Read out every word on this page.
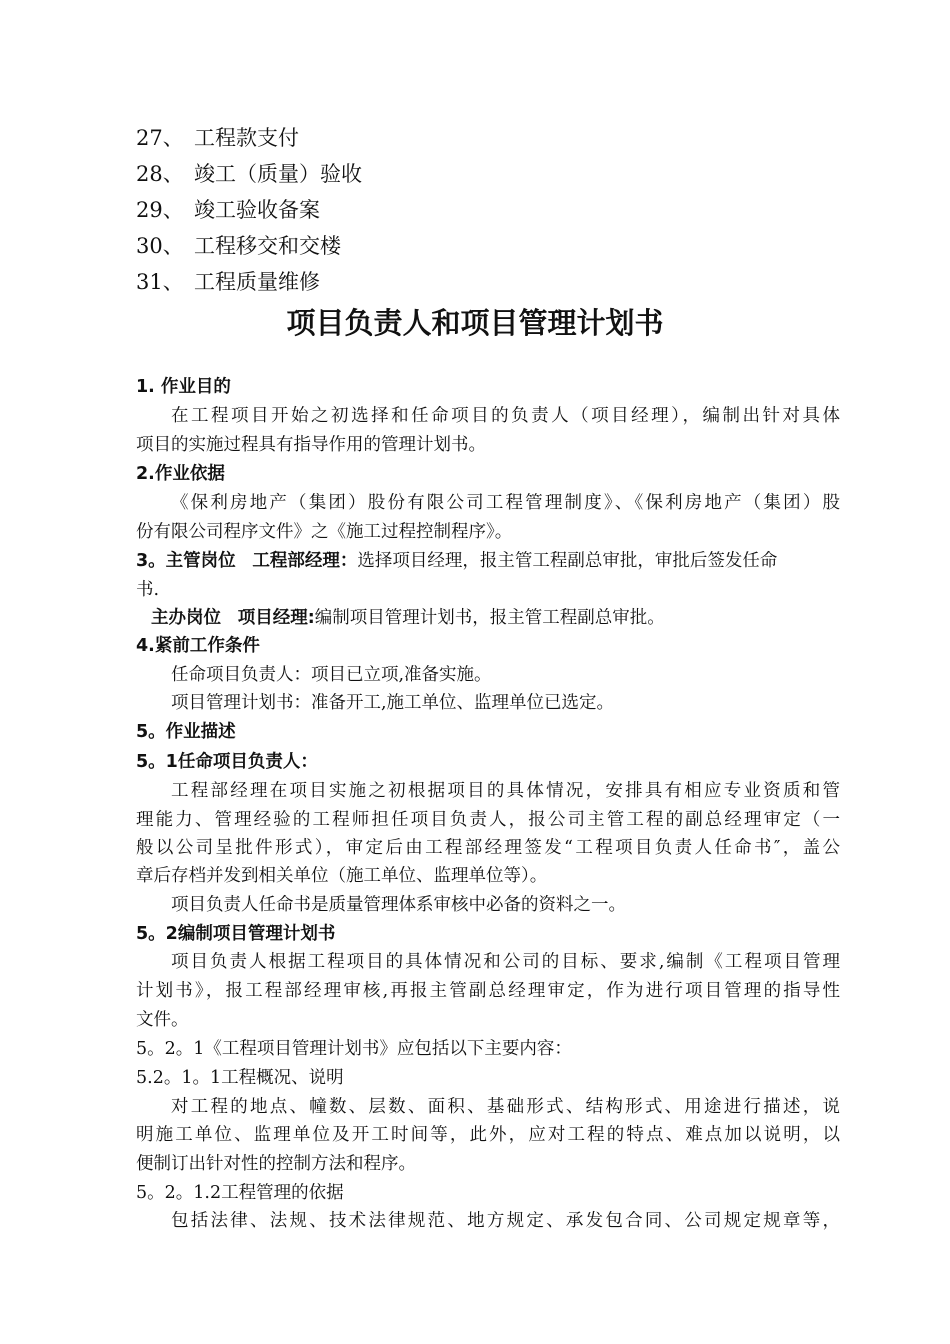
27、 工程款支付
28、 竣工（质量）验收
29、 竣工验收备案
30、 工程移交和交楼
31、 工程质量维修
项目负责人和项目管理计划书
1. 作业目的
在工程项目开始之初选择和任命项目的负责人（项目经理），编制出针对具体
项目的实施过程具有指导作用的管理计划书。
2.作业依据
《保利房地产（集团）股份有限公司工程管理制度》、《保利房地产（集团）股
份有限公司程序文件》之《施工过程控制程序》。
3。主管岗位 工程部经理：选择项目经理，报主管工程副总审批，审批后签发任命
书.
主办岗位 项目经理:编制项目管理计划书，报主管工程副总审批。
4.紧前工作条件
任命项目负责人：项目已立项,准备实施。
项目管理计划书：准备开工,施工单位、监理单位已选定。
5。作业描述
5。1任命项目负责人：
工程部经理在项目实施之初根据项目的具体情况，安排具有相应专业资质和管
理能力、管理经验的工程师担任项目负责人，报公司主管工程的副总经理审定（一
般以公司呈批件形式），审定后由工程部经理签发“工程项目负责人任命书″，盖公
章后存档并发到相关单位（施工单位、监理单位等）。
项目负责人任命书是质量管理体系审核中必备的资料之一。
5。2编制项目管理计划书
项目负责人根据工程项目的具体情况和公司的目标、要求,编制《工程项目管理
计划书》，报工程部经理审核,再报主管副总经理审定，作为进行项目管理的指导性
文件。
5。2。1《工程项目管理计划书》应包括以下主要内容：
5.2。1。1工程概况、说明
对工程的地点、幢数、层数、面积、基础形式、结构形式、用途进行描述，说
明施工单位、监理单位及开工时间等，此外，应对工程的特点、难点加以说明，以
便制订出针对性的控制方法和程序。
5。2。1.2工程管理的依据
包括法律、法规、技术法律规范、地方规定、承发包合同、公司规定规章等，
